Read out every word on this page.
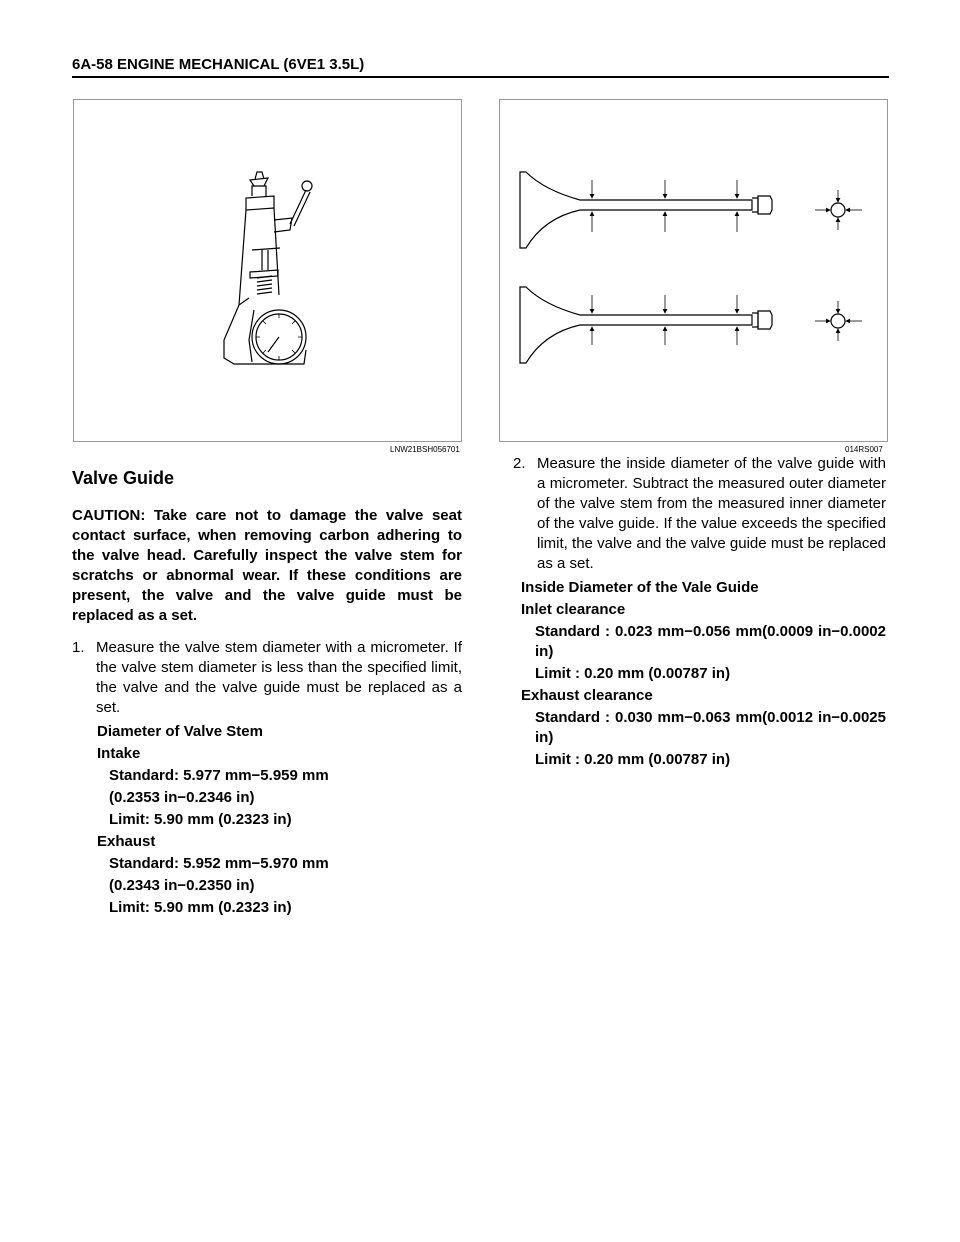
6A-58 ENGINE MECHANICAL (6VE1 3.5L)
LNW21BSH056701	014RS007
Valve Guide
CAUTION: Take care not to damage the valve seat contact surface, when removing carbon adhering to the valve head. Carefully inspect the valve stem for scratchs or abnormal wear. If these conditions are present, the valve and the valve guide must be replaced as a set.
1. Measure the valve stem diameter with a micrometer. If the valve stem diameter is less than the specified limit, the valve and the valve guide must be replaced as a set.
Diameter of Valve Stem
Intake
Standard: 5.977 mm−5.959 mm
(0.2353 in−0.2346 in)
Limit: 5.90 mm (0.2323 in)
Exhaust
Standard: 5.952 mm−5.970 mm
(0.2343 in−0.2350 in)
Limit: 5.90 mm (0.2323 in)
2. Measure the inside diameter of the valve guide with a micrometer. Subtract the measured outer diameter of the valve stem from the measured inner diameter of the valve guide. If the value exceeds the specified limit, the valve and the valve guide must be replaced as a set.
Inside Diameter of the Vale Guide
Inlet clearance
Standard : 0.023 mm−0.056 mm(0.0009 in−0.0002 in)
Limit : 0.20 mm (0.00787 in)
Exhaust clearance
Standard : 0.030 mm−0.063 mm(0.0012 in−0.0025 in)
Limit : 0.20 mm (0.00787 in)
